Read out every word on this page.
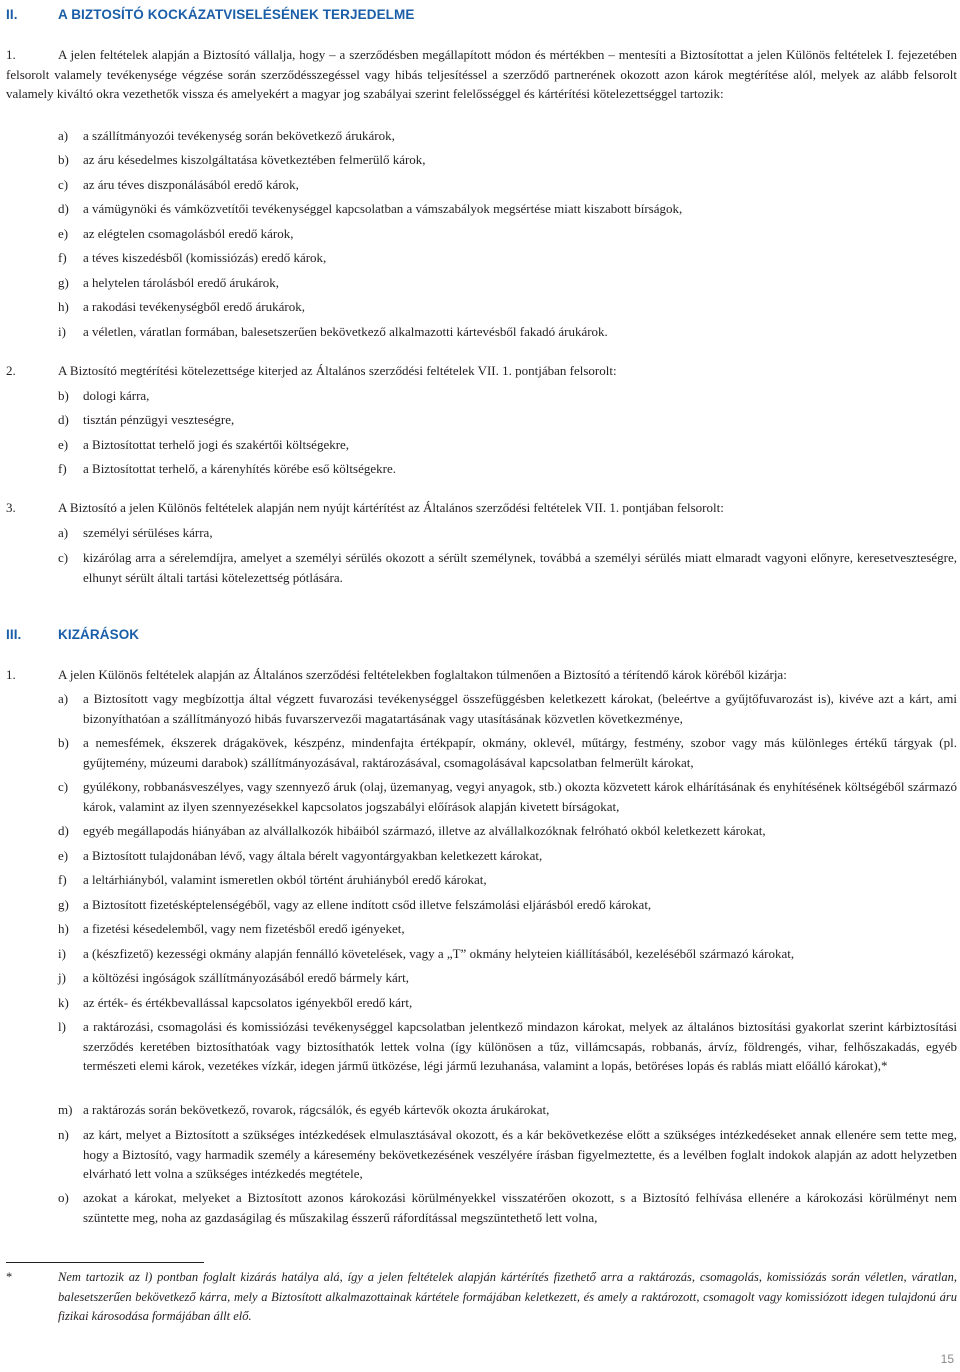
II.	A BIZTOSÍTÓ KOCKÁZATVISELÉSÉNEK TERJEDELME
1.	A jelen feltételek alapján a Biztosító vállalja, hogy – a szerződésben megállapított módon és mértékben – mentesíti a Biztosítottat a jelen Különös feltételek I. fejezetében felsorolt valamely tevékenysége végzése során szerződésszegéssel vagy hibás teljesítéssel a szerződő partnerének okozott azon károk megtérítése alól, melyek az alább felsorolt valamely kiváltó okra vezethetők vissza és amelyekért a magyar jog szabályai szerint felelősséggel és kártérítési kötelezettséggel tartozik:
a) a szállítmányozói tevékenység során bekövetkező árukárok,
b) az áru késedelmes kiszolgáltatása következtében felmerülő károk,
c) az áru téves diszponálásából eredő károk,
d) a vámügynöki és vámközvetítői tevékenységgel kapcsolatban a vámszabályok megsértése miatt kiszabott bírságok,
e) az elégtelen csomagolásból eredő károk,
f) a téves kiszedésből (komissiózás) eredő károk,
g) a helytelen tárolásból eredő árukárok,
h) a rakodási tevékenységből eredő árukárok,
i) a véletlen, váratlan formában, balesetszerűen bekövetkező alkalmazotti kártevésből fakadó árukárok.
2.	A Biztosító megtérítési kötelezettsége kiterjed az Általános szerződési feltételek VII. 1. pontjában felsorolt:
b) dologi kárra,
d) tisztán pénzügyi veszteségre,
e) a Biztosítottat terhelő jogi és szakértői költségekre,
f) a Biztosítottat terhelő, a kárenyhítés körébe eső költségekre.
3.	A Biztosító a jelen Különös feltételek alapján nem nyújt kártérítést az Általános szerződési feltételek VII. 1. pontjában felsorolt:
a) személyi sérüléses kárra,
c) kizárólag arra a sérelemdíjra, amelyet a személyi sérülés okozott a sérült személynek, továbbá a személyi sérülés miatt elmaradt vagyoni előnyre, keresetveszteségre, elhunyt sérült általi tartási kötelezettség pótlására.
III.	KIZÁRÁSOK
1.	A jelen Különös feltételek alapján az Általános szerződési feltételekben foglaltakon túlmenően a Biztosító a térítendő károk köréből kizárja:
a) a Biztosított vagy megbízottja által végzett fuvarozási tevékenységgel összefüggésben keletkezett károkat, (beleértve a gyűjtőfuvarozást is), kivéve azt a kárt, ami bizonyíthatóan a szállítmányozó hibás fuvarszervezői magatartásának vagy utasításának közvetlen következménye,
b) a nemesfémek, ékszerek drágakövek, készpénz, mindenfajta értékpapír, okmány, oklevél, műtárgy, festmény, szobor vagy más különleges értékű tárgyak (pl. gyűjtemény, múzeumi darabok) szállítmányozásával, raktározásával, csomagolásával kapcsolatban felmerült károkat,
c) gyúlékony, robbanásveszélyes, vagy szennyező áruk (olaj, üzemanyag, vegyi anyagok, stb.) okozta közvetett károk elhárításának és enyhítésének költségéből származó károk, valamint az ilyen szennyezésekkel kapcsolatos jogszabályi előírások alapján kivetett bírságokat,
d) egyéb megállapodás hiányában az alvállalkozók hibáiból származó, illetve az alvállalkozóknak felróható okból keletkezett károkat,
e) a Biztosított tulajdonában lévő, vagy általa bérelt vagyontárgyakban keletkezett károkat,
f) a leltárhiányból, valamint ismeretlen okból történt áruhiányból eredő károkat,
g) a Biztosított fizetésképtelenségéből, vagy az ellene indított csőd illetve felszámolási eljárásból eredő károkat,
h) a fizetési késedelemből, vagy nem fizetésből eredő igényeket,
i) a (készfizető) kezességi okmány alapján fennálló követelések, vagy a „T” okmány helyteien kiállításából, kezeléséből származó károkat,
j) a költözési ingóságok szállítmányozásából eredő bármely kárt,
k) az érték- és értékbevallással kapcsolatos igényekből eredő kárt,
l) a raktározási, csomagolási és komissiózási tevékenységgel kapcsolatban jelentkező mindazon károkat, melyek az általános biztosítási gyakorlat szerint kárbiztosítási szerződés keretében biztosíthatóak vagy biztosíthatók lettek volna (így különösen a tűz, villámcsapás, robbanás, árvíz, földrengés, vihar, felhőszakadás, egyéb természeti elemi károk, vezetékes vízkár, idegen jármű ütközése, légi jármű lezuhanása, valamint a lopás, betöréses lopás és rablás miatt előálló károkat),*
m) a raktározás során bekövetkező, rovarok, rágcsálók, és egyéb kártevők okozta árukárokat,
n) az kárt, melyet a Biztosított a szükséges intézkedések elmulasztásával okozott, és a kár bekövetkezése előtt a szükséges intézkedéseket annak ellenére sem tette meg, hogy a Biztosító, vagy harmadik személy a káresemény bekövetkezésének veszélyére írásban figyelmeztette, és a levélben foglalt indokok alapján az adott helyzetben elvárható lett volna a szükséges intézkedés megtétele,
o) azokat a károkat, melyeket a Biztosított azonos károkozási körülményekkel visszatérően okozott, s a Biztosító felhívása ellenére a károkozási körülményt nem szüntette meg, noha az gazdaságilag és műszakilag ésszerű ráfordítással megszüntethető lett volna,
*	Nem tartozik az l) pontban foglalt kizárás hatálya alá, így a jelen feltételek alapján kártérítés fizethető arra a raktározás, csomagolás, komissiózás során véletlen, váratlan, balesetszerűen bekövetkező kárra, mely a Biztosított alkalmazottainak kártétele formájában keletkezett, és amely a raktározott, csomagolt vagy komissiózott idegen tulajdonú áru fizikai károsodása formájában állt elő.
15
